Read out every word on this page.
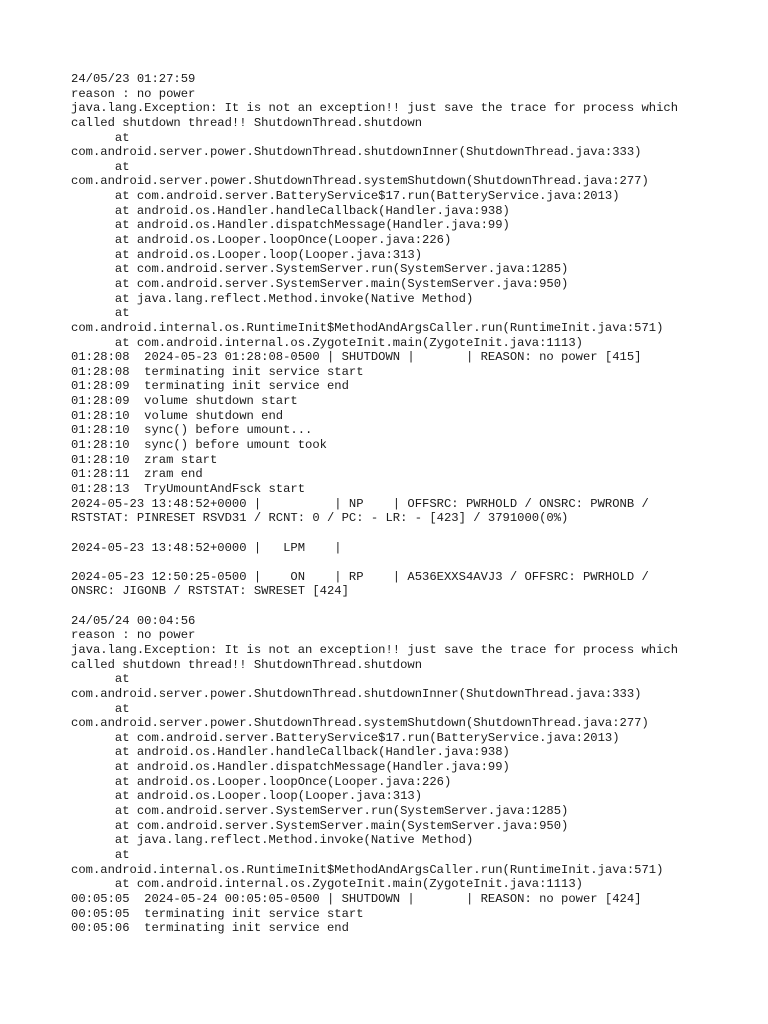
24/05/23 01:27:59
reason : no power
java.lang.Exception: It is not an exception!! just save the trace for process which
called shutdown thread!! ShutdownThread.shutdown
at
com.android.server.power.ShutdownThread.shutdownInner(ShutdownThread.java:333)
at
com.android.server.power.ShutdownThread.systemShutdown(ShutdownThread.java:277)
at com.android.server.BatteryService$17.run(BatteryService.java:2013)
at android.os.Handler.handleCallback(Handler.java:938)
at android.os.Handler.dispatchMessage(Handler.java:99)
at android.os.Looper.loopOnce(Looper.java:226)
at android.os.Looper.loop(Looper.java:313)
at com.android.server.SystemServer.run(SystemServer.java:1285)
at com.android.server.SystemServer.main(SystemServer.java:950)
at java.lang.reflect.Method.invoke(Native Method)
at
com.android.internal.os.RuntimeInit$MethodAndArgsCaller.run(RuntimeInit.java:571)
at com.android.internal.os.ZygoteInit.main(ZygoteInit.java:1113)
01:28:08  2024-05-23 01:28:08-0500 | SHUTDOWN |       | REASON: no power [415]
01:28:08  terminating init service start
01:28:09  terminating init service end
01:28:09  volume shutdown start
01:28:10  volume shutdown end
01:28:10  sync() before umount...
01:28:10  sync() before umount took
01:28:10  zram start
01:28:11  zram end
01:28:13  TryUmountAndFsck start
2024-05-23 13:48:52+0000 |          | NP    | OFFSRC: PWRHOLD / ONSRC: PWRONB /
RSTSTAT: PINRESET RSVD31 / RCNT: 0 / PC: - LR: - [423] / 3791000(0%)
2024-05-23 13:48:52+0000 |   LPM    |
2024-05-23 12:50:25-0500 |    ON    | RP    | A536EXXS4AVJ3 / OFFSRC: PWRHOLD /
ONSRC: JIGONB / RSTSTAT: SWRESET [424]
24/05/24 00:04:56
reason : no power
java.lang.Exception: It is not an exception!! just save the trace for process which
called shutdown thread!! ShutdownThread.shutdown
at
com.android.server.power.ShutdownThread.shutdownInner(ShutdownThread.java:333)
at
com.android.server.power.ShutdownThread.systemShutdown(ShutdownThread.java:277)
at com.android.server.BatteryService$17.run(BatteryService.java:2013)
at android.os.Handler.handleCallback(Handler.java:938)
at android.os.Handler.dispatchMessage(Handler.java:99)
at android.os.Looper.loopOnce(Looper.java:226)
at android.os.Looper.loop(Looper.java:313)
at com.android.server.SystemServer.run(SystemServer.java:1285)
at com.android.server.SystemServer.main(SystemServer.java:950)
at java.lang.reflect.Method.invoke(Native Method)
at
com.android.internal.os.RuntimeInit$MethodAndArgsCaller.run(RuntimeInit.java:571)
at com.android.internal.os.ZygoteInit.main(ZygoteInit.java:1113)
00:05:05  2024-05-24 00:05:05-0500 | SHUTDOWN |       | REASON: no power [424]
00:05:05  terminating init service start
00:05:06  terminating init service end
